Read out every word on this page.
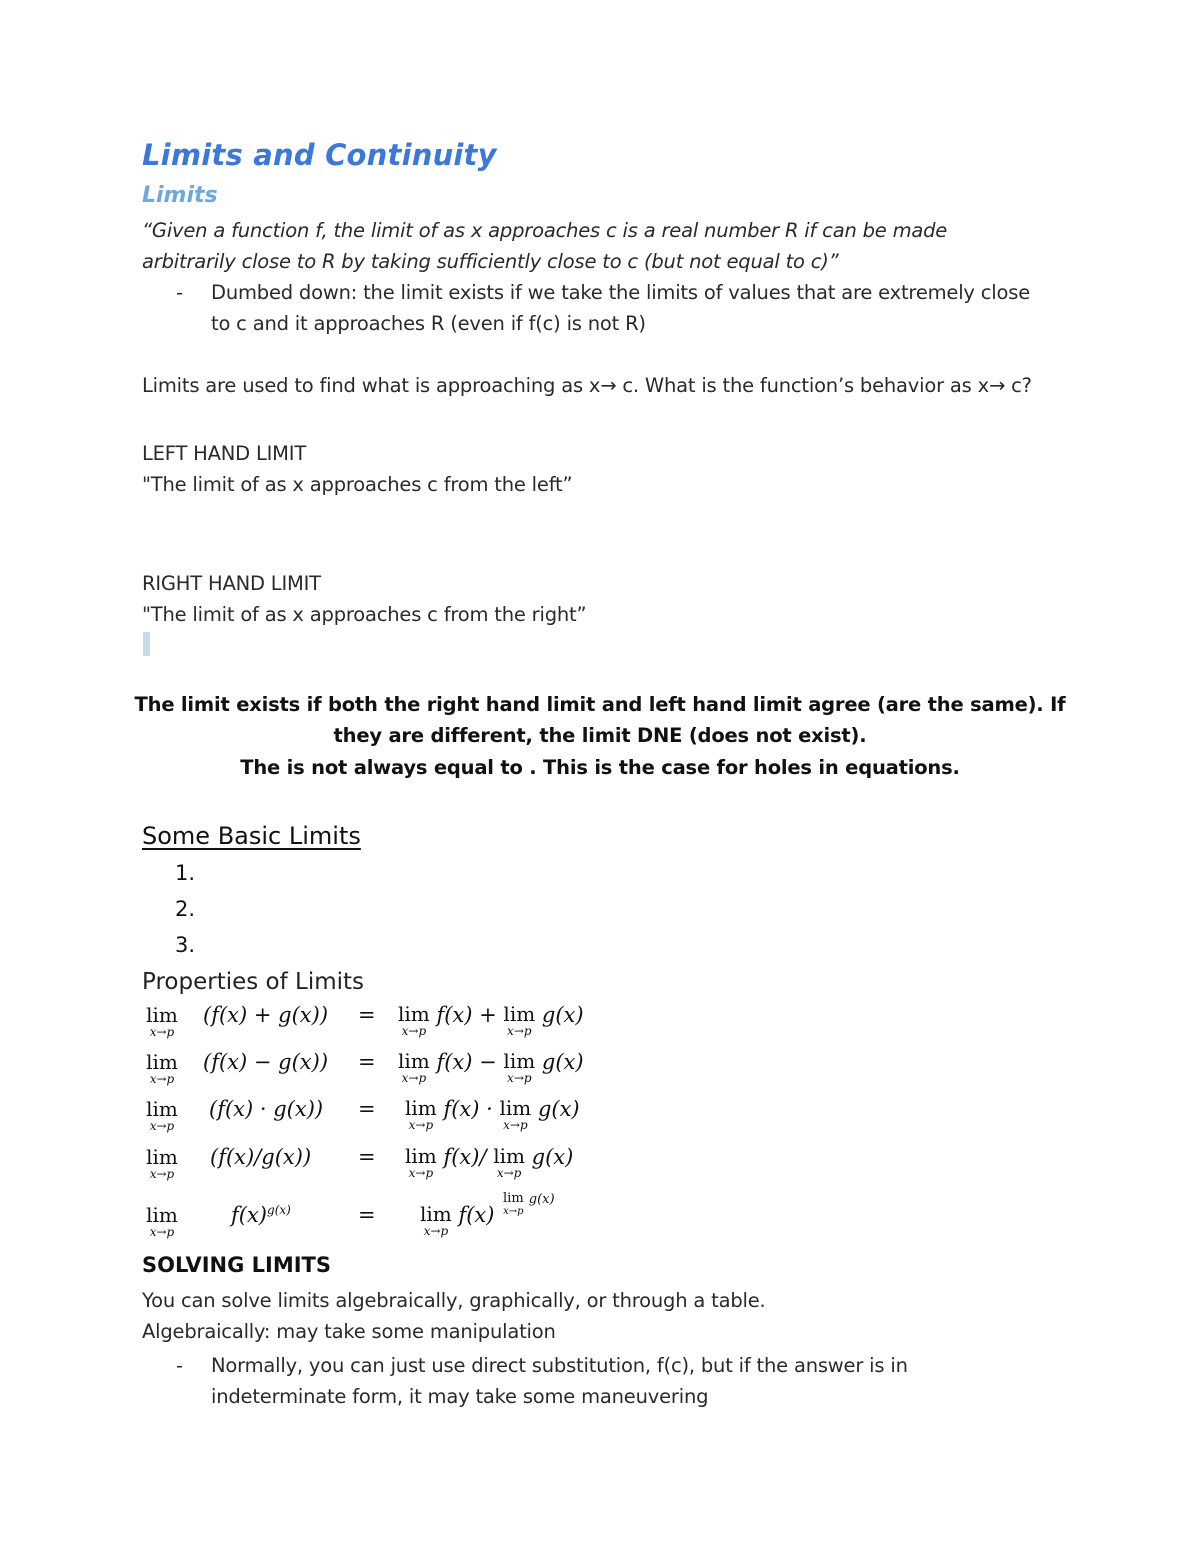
Limits and Continuity
Limits
“Given a function f, the limit of as x approaches c is a real number R if can be made
arbitrarily close to R by taking sufficiently close to c (but not equal to c)”
- Dumbed down: the limit exists if we take the limits of values that are extremely close
to c and it approaches R (even if f(c) is not R)
Limits are used to find what is approaching as x→ c. What is the function’s behavior as x→ c?
LEFT HAND LIMIT
"The limit of as x approaches c from the left”
RIGHT HAND LIMIT
"The limit of as x approaches c from the right”
The limit exists if both the right hand limit and left hand limit agree (are the same). If
they are different, the limit DNE (does not exist).
The is not always equal to . This is the case for holes in equations.
Some Basic Limits
1.
2.
3.
Properties of Limits
lim
x→p
(f(x) + g(x)) = lim
x→p
f(x) + lim
x→p
g(x)
lim
x→p
(f(x) − g(x)) = lim
x→p
f(x) − lim
x→p
g(x)
lim
x→p
(f(x) · g(x)) = lim
x→p
f(x) · lim
x→p
g(x)
lim
x→p
(f(x)/g(x)) = lim
x→p
f(x)/ lim
x→p
g(x)
lim
x→p
$f(x)^{g(x)}$	= lim
x→p
f(x)
lim
x→p
$^{g(x)}$
SOLVING LIMITS
You can solve limits algebraically, graphically, or through a table.
Algebraically: may take some manipulation
- Normally, you can just use direct substitution, f(c), but if the answer is in
indeterminate form, it may take some maneuvering
